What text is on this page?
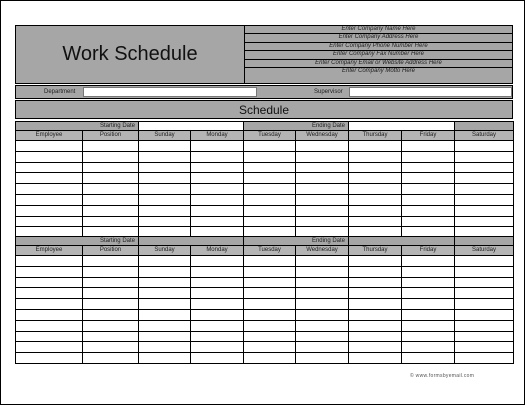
Work Schedule
Enter Company Name Here
Enter Company Address Here
Enter Company Phone Number Here
Enter Company Fax Number Here
Enter Company Email or Website Address Here
Enter Company Motto Here
Department	Supervisor
Schedule
Starting Date				Ending Date				
Employee	Position	Sunday	Monday	Tuesday	Wednesday	Thursday	Friday	Saturday

Starting Date				Ending Date				
Employee	Position	Sunday	Monday	Tuesday	Wednesday	Thursday	Friday	Saturday

© www.formsbyemail.com
